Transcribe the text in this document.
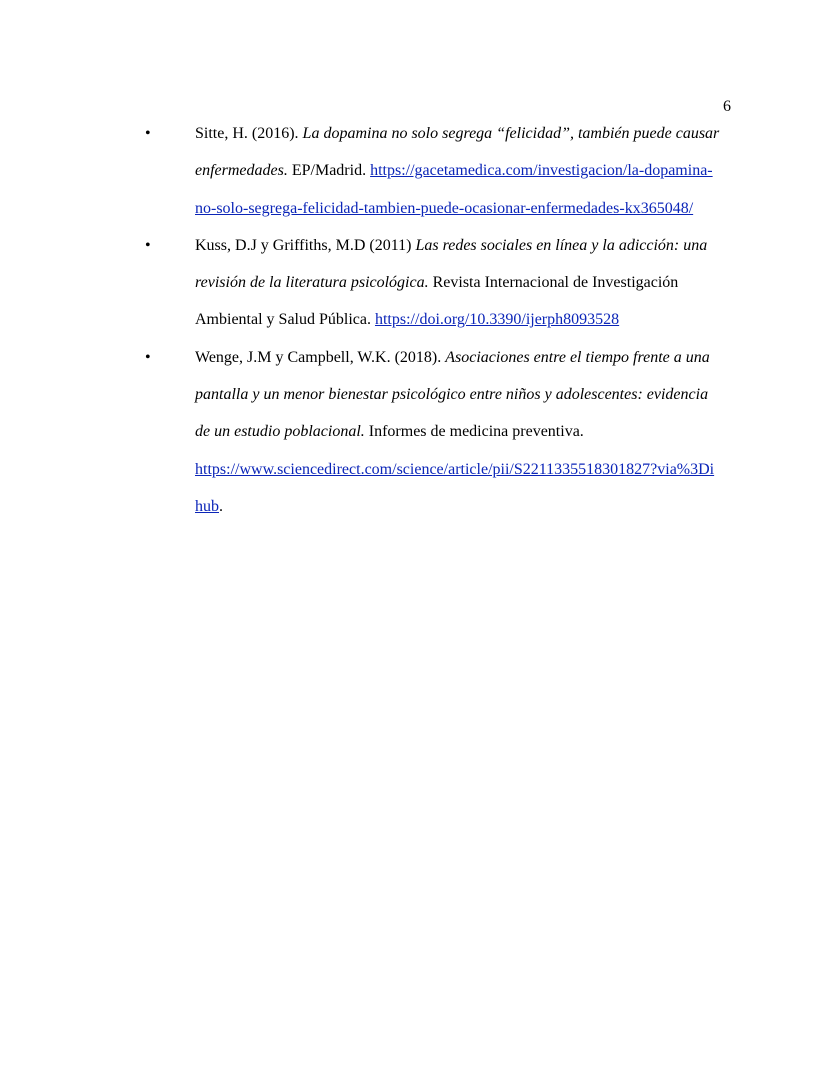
6
•	Sitte, H. (2016). La dopamina no solo segrega “felicidad”, también puede causar
enfermedades. EP/Madrid. https://gacetamedica.com/investigacion/la-dopamina-
no-solo-segrega-felicidad-tambien-puede-ocasionar-enfermedades-kx365048/
•	Kuss, D.J y Griffiths, M.D (2011) Las redes sociales en línea y la adicción: una
revisión de la literatura psicológica. Revista Internacional de Investigación
Ambiental y Salud Pública. https://doi.org/10.3390/ijerph8093528
•	Wenge, J.M y Campbell, W.K. (2018). Asociaciones entre el tiempo frente a una
pantalla y un menor bienestar psicológico entre niños y adolescentes: evidencia
de un estudio poblacional. Informes de medicina preventiva.
https://www.sciencedirect.com/science/article/pii/S2211335518301827?via%3Di
hub.
